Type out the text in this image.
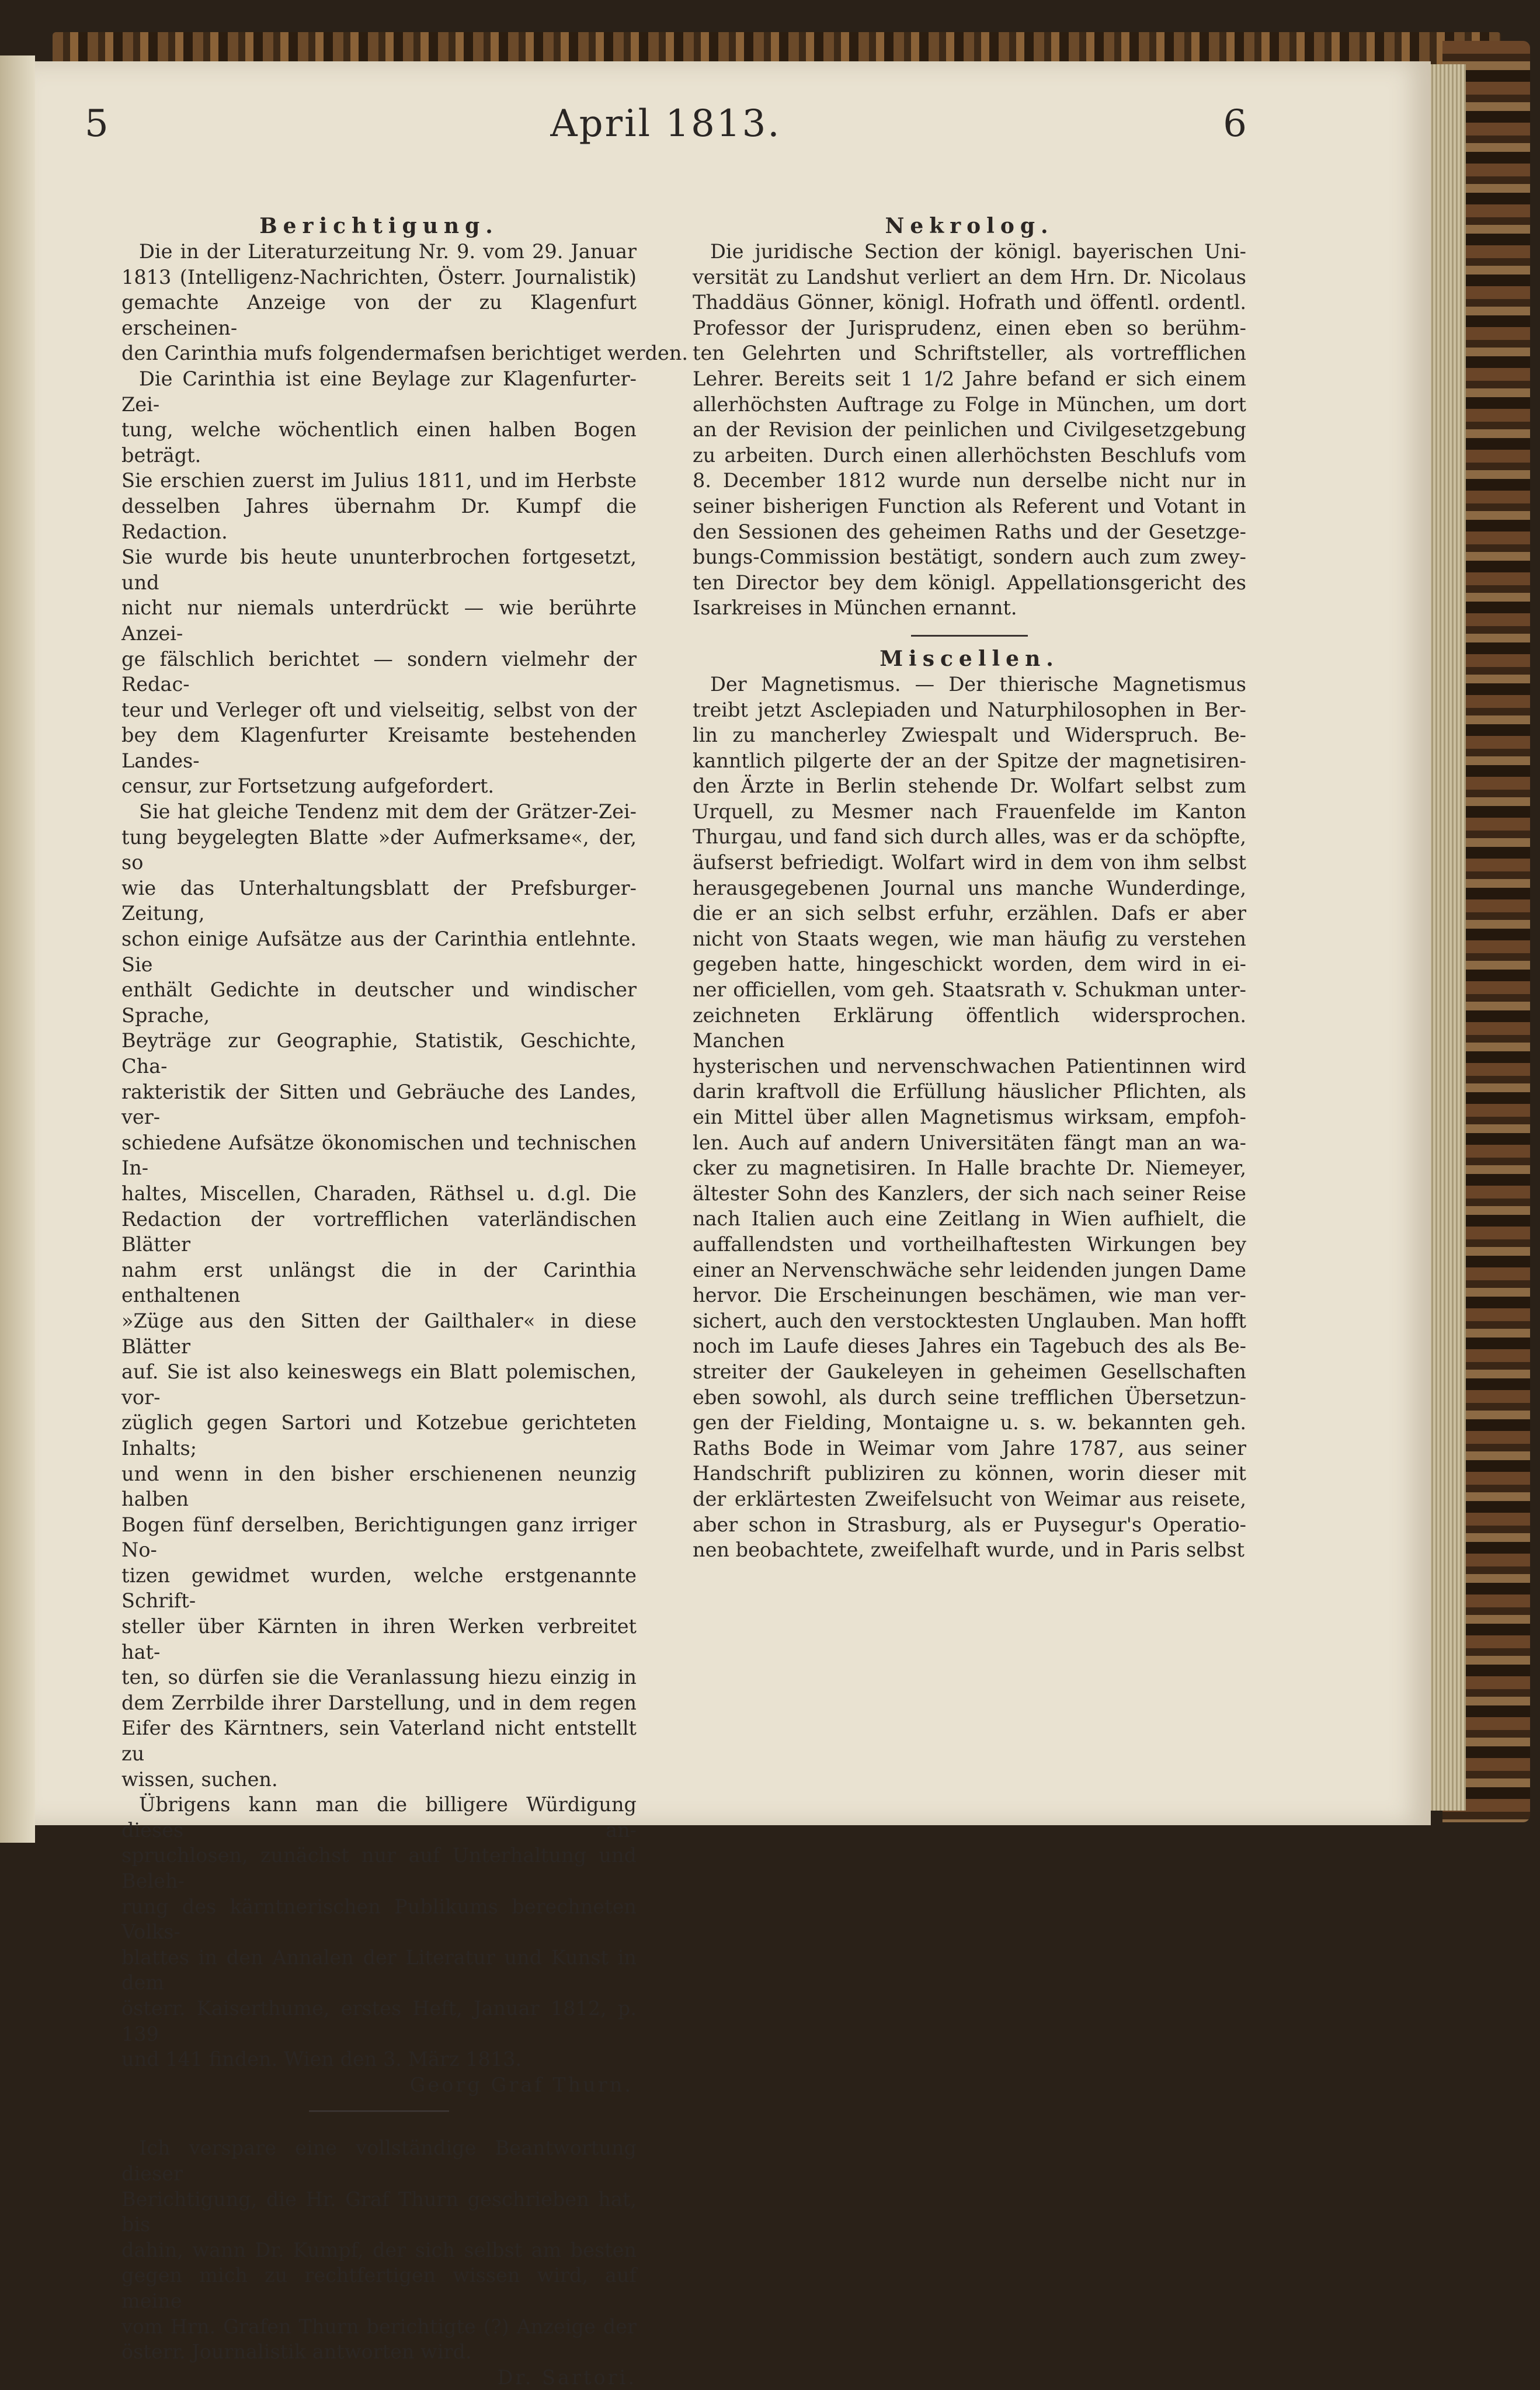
April 1813.
5	6
Berichtigung.
Die in der Literaturzeitung Nr. 9. vom 29. Januar
1813 (Intelligenz-Nachrichten, Österr. Journalistik)
gemachte Anzeige von der zu Klagenfurt erscheinen-
den Carinthia mufs folgendermafsen berichtiget werden.
Die Carinthia ist eine Beylage zur Klagenfurter-Zei-
tung, welche wöchentlich einen halben Bogen beträgt.
Sie erschien zuerst im Julius 1811, und im Herbste
desselben Jahres übernahm Dr. Kumpf die Redaction.
Sie wurde bis heute ununterbrochen fortgesetzt, und
nicht nur niemals unterdrückt — wie berührte Anzei-
ge fälschlich berichtet — sondern vielmehr der Redac-
teur und Verleger oft und vielseitig, selbst von der
bey dem Klagenfurter Kreisamte bestehenden Landes-
censur, zur Fortsetzung aufgefordert.
Sie hat gleiche Tendenz mit dem der Grätzer-Zei-
tung beygelegten Blatte »der Aufmerksame«, der, so
wie das Unterhaltungsblatt der Prefsburger-Zeitung,
schon einige Aufsätze aus der Carinthia entlehnte. Sie
enthält Gedichte in deutscher und windischer Sprache,
Beyträge zur Geographie, Statistik, Geschichte, Cha-
rakteristik der Sitten und Gebräuche des Landes, ver-
schiedene Aufsätze ökonomischen und technischen In-
haltes, Miscellen, Charaden, Räthsel u. d.gl. Die
Redaction der vortrefflichen vaterländischen Blätter
nahm erst unlängst die in der Carinthia enthaltenen
»Züge aus den Sitten der Gailthaler« in diese Blätter
auf. Sie ist also keineswegs ein Blatt polemischen, vor-
züglich gegen Sartori und Kotzebue gerichteten Inhalts;
und wenn in den bisher erschienenen neunzig halben
Bogen fünf derselben, Berichtigungen ganz irriger No-
tizen gewidmet wurden, welche erstgenannte Schrift-
steller über Kärnten in ihren Werken verbreitet hat-
ten, so dürfen sie die Veranlassung hiezu einzig in
dem Zerrbilde ihrer Darstellung, und in dem regen
Eifer des Kärntners, sein Vaterland nicht entstellt zu
wissen, suchen.
Übrigens kann man die billigere Würdigung dieses an-
spruchlosen, zunächst nur auf Unterhaltung und Beleh-
rung des kärntnerischen Publikums berechneten Volks-
blattes in den Annalen der Literatur und Kunst in dem
österr. Kaiserthume, erstes Heft, Januar 1812, p. 139
und 141 finden. Wien den 3. März 1813.
Georg Graf Thurn.
Ich verspare eine vollständige Beantwortung dieser
Berichtigung, die Hr. Graf Thurn geschrieben hat, bis
dahin, wann Dr. Kumpf, der sich selbst am besten
gegen mich zu rechtfertigen wissen wird, auf meine
vom Hrn. Grafen Thurn berichtigte (?) Anzeige der
österr. Journalistik antworten wird.
Dr. Sartori.
Nekrolog.
Die juridische Section der königl. bayerischen Uni-
versität zu Landshut verliert an dem Hrn. Dr. Nicolaus
Thaddäus Gönner, königl. Hofrath und öffentl. ordentl.
Professor der Jurisprudenz, einen eben so berühm-
ten Gelehrten und Schriftsteller, als vortrefflichen
Lehrer. Bereits seit 1 1/2 Jahre befand er sich einem
allerhöchsten Auftrage zu Folge in München, um dort
an der Revision der peinlichen und Civilgesetzgebung
zu arbeiten. Durch einen allerhöchsten Beschlufs vom
8. December 1812 wurde nun derselbe nicht nur in
seiner bisherigen Function als Referent und Votant in
den Sessionen des geheimen Raths und der Gesetzge-
bungs-Commission bestätigt, sondern auch zum zwey-
ten Director bey dem königl. Appellationsgericht des
Isarkreises in München ernannt.
Miscellen.
Der Magnetismus. — Der thierische Magnetismus
treibt jetzt Asclepiaden und Naturphilosophen in Ber-
lin zu mancherley Zwiespalt und Widerspruch. Be-
kanntlich pilgerte der an der Spitze der magnetisiren-
den Ärzte in Berlin stehende Dr. Wolfart selbst zum
Urquell, zu Mesmer nach Frauenfelde im Kanton
Thurgau, und fand sich durch alles, was er da schöpfte,
äufserst befriedigt. Wolfart wird in dem von ihm selbst
herausgegebenen Journal uns manche Wunderdinge,
die er an sich selbst erfuhr, erzählen. Dafs er aber
nicht von Staats wegen, wie man häufig zu verstehen
gegeben hatte, hingeschickt worden, dem wird in ei-
ner officiellen, vom geh. Staatsrath v. Schukman unter-
zeichneten Erklärung öffentlich widersprochen. Manchen
hysterischen und nervenschwachen Patientinnen wird
darin kraftvoll die Erfüllung häuslicher Pflichten, als
ein Mittel über allen Magnetismus wirksam, empfoh-
len. Auch auf andern Universitäten fängt man an wa-
cker zu magnetisiren. In Halle brachte Dr. Niemeyer,
ältester Sohn des Kanzlers, der sich nach seiner Reise
nach Italien auch eine Zeitlang in Wien aufhielt, die
auffallendsten und vortheilhaftesten Wirkungen bey
einer an Nervenschwäche sehr leidenden jungen Dame
hervor. Die Erscheinungen beschämen, wie man ver-
sichert, auch den verstocktesten Unglauben. Man hofft
noch im Laufe dieses Jahres ein Tagebuch des als Be-
streiter der Gaukeleyen in geheimen Gesellschaften
eben sowohl, als durch seine trefflichen Übersetzun-
gen der Fielding, Montaigne u. s. w. bekannten geh.
Raths Bode in Weimar vom Jahre 1787, aus seiner
Handschrift publiziren zu können, worin dieser mit
der erklärtesten Zweifelsucht von Weimar aus reisete,
aber schon in Strasburg, als er Puysegur's Operatio-
nen beobachtete, zweifelhaft wurde, und in Paris selbst
